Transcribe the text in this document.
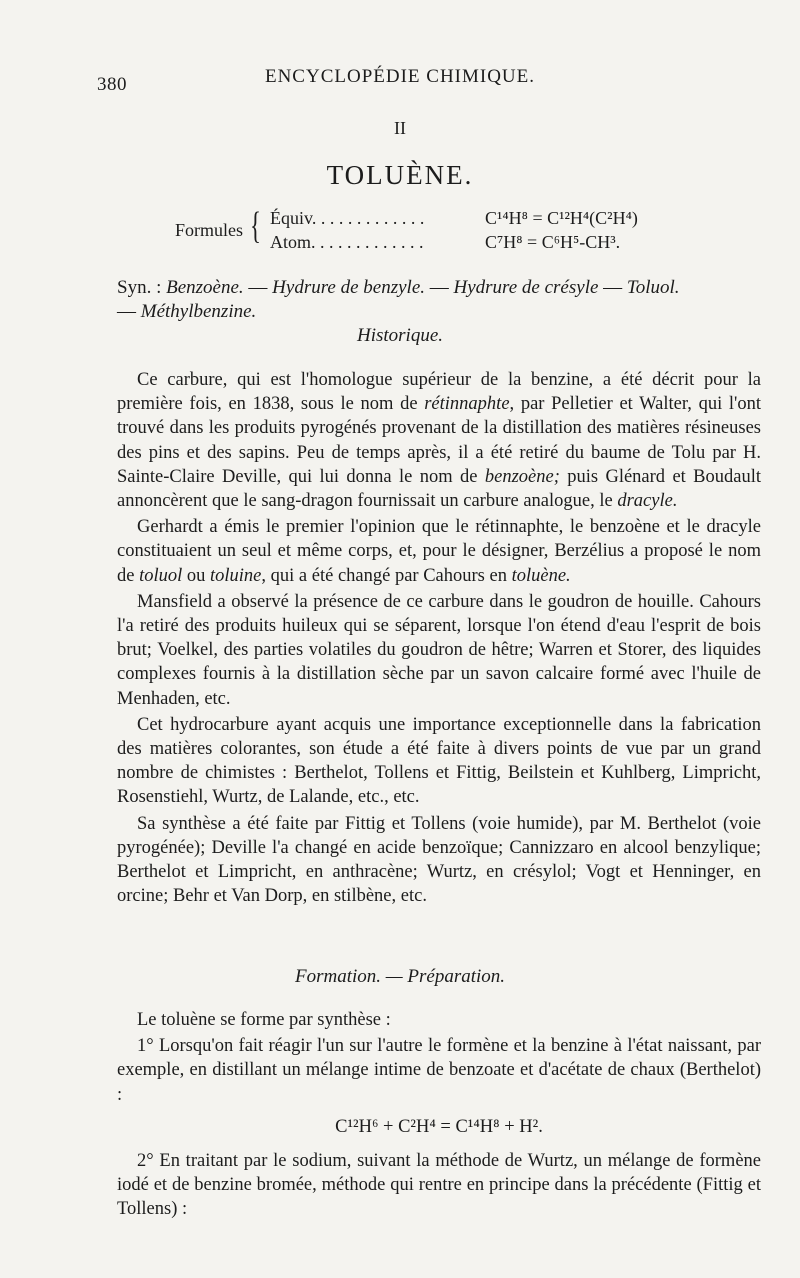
380	ENCYCLOPÉDIE CHIMIQUE.
II
TOLUÈNE.
Formules { Équiv. . . . . . . . . . . . .	C¹⁴H⁸ = C¹²H⁴(C²H⁴)
Atom. . . . . . . . . . . . .	C⁷H⁸ = C⁶H⁵-CH³.
Syn. : Benzoène. — Hydrure de benzyle. — Hydrure de crésyle — Toluol.
— Méthylbenzine.
Historique.

Ce carbure, qui est l'homologue supérieur de la benzine, a été décrit pour la première fois, en 1838, sous le nom de rétinnaphte, par Pelletier et Walter, qui l'ont trouvé dans les produits pyrogénés provenant de la distillation des matières résineuses des pins et des sapins. Peu de temps après, il a été retiré du baume de Tolu par H. Sainte-Claire Deville, qui lui donna le nom de benzoène; puis Glénard et Boudault annoncèrent que le sang-dragon fournissait un carbure analogue, le dracyle.

Gerhardt a émis le premier l'opinion que le rétinnaphte, le benzoène et le dracyle constituaient un seul et même corps, et, pour le désigner, Berzélius a proposé le nom de toluol ou toluine, qui a été changé par Cahours en toluène.

Mansfield a observé la présence de ce carbure dans le goudron de houille. Cahours l'a retiré des produits huileux qui se séparent, lorsque l'on étend d'eau l'esprit de bois brut; Voelkel, des parties volatiles du goudron de hêtre; Warren et Storer, des liquides complexes fournis à la distillation sèche par un savon calcaire formé avec l'huile de Menhaden, etc.

Cet hydrocarbure ayant acquis une importance exceptionnelle dans la fabrication des matières colorantes, son étude a été faite à divers points de vue par un grand nombre de chimistes : Berthelot, Tollens et Fittig, Beilstein et Kuhlberg, Limpricht, Rosenstiehl, Wurtz, de Lalande, etc., etc.

Sa synthèse a été faite par Fittig et Tollens (voie humide), par M. Berthelot (voie pyrogénée); Deville l'a changé en acide benzoïque; Cannizzaro en alcool benzylique; Berthelot et Limpricht, en anthracène; Wurtz, en crésylol; Vogt et Henninger, en orcine; Behr et Van Dorp, en stilbène, etc.

Formation. — Préparation.

Le toluène se forme par synthèse :

1° Lorsqu'on fait réagir l'un sur l'autre le formène et la benzine à l'état naissant, par exemple, en distillant un mélange intime de benzoate et d'acétate de chaux (Berthelot) :

C¹²H⁶ + C²H⁴ = C¹⁴H⁸ + H².

2° En traitant par le sodium, suivant la méthode de Wurtz, un mélange de formène iodé et de benzine bromée, méthode qui rentre en principe dans la précédente (Fittig et Tollens) :
